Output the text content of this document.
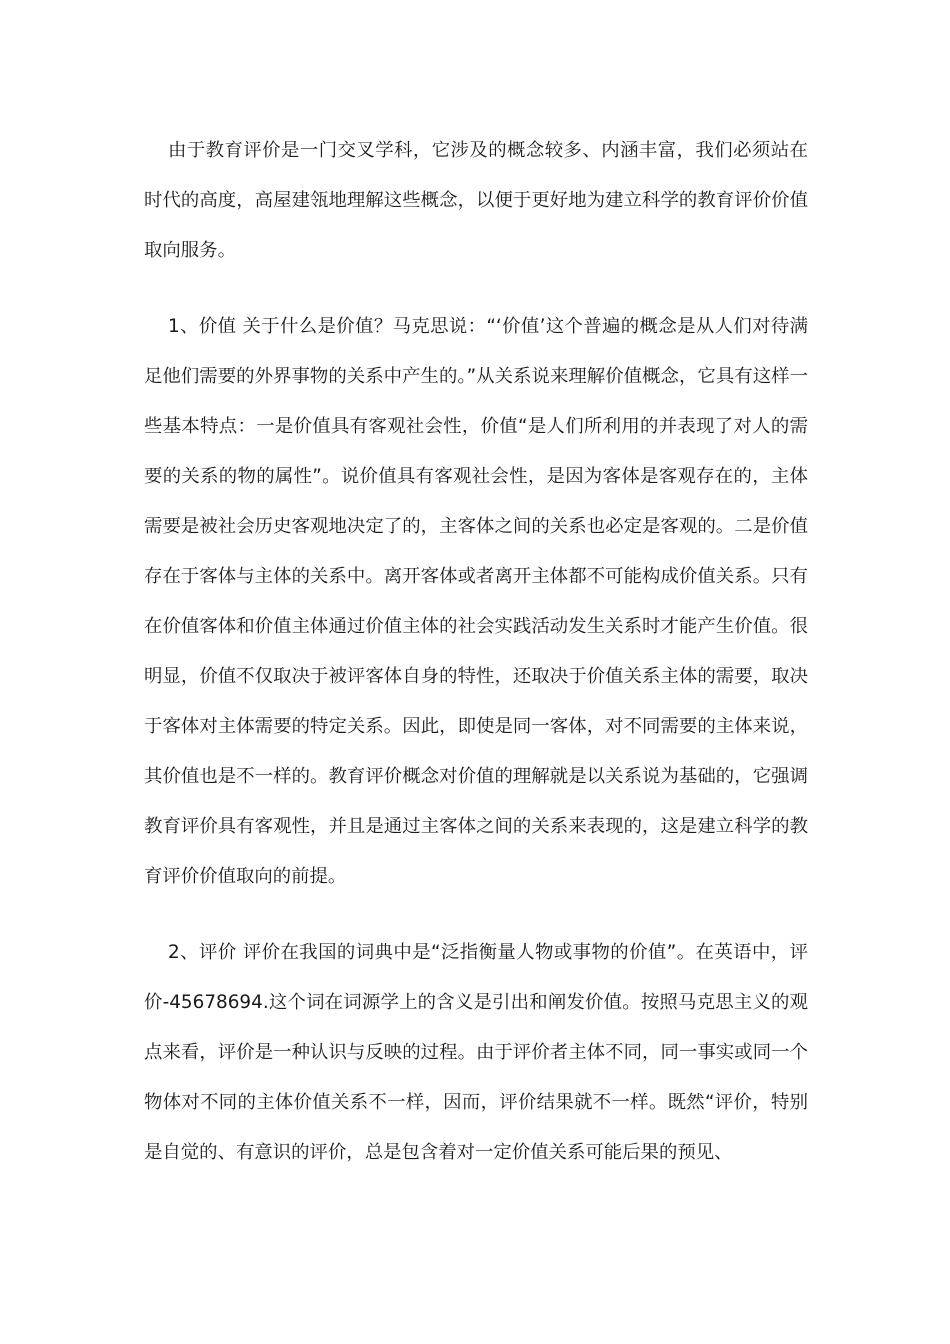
由于教育评价是一门交叉学科，它涉及的概念较多、内涵丰富，我们必须站在时代的高度，高屋建瓴地理解这些概念，以便于更好地为建立科学的教育评价价值取向服务。

1、价值 关于什么是价值？马克思说：“‘价值’这个普遍的概念是从人们对待满足他们需要的外界事物的关系中产生的。”从关系说来理解价值概念，它具有这样一些基本特点：一是价值具有客观社会性，价值“是人们所利用的并表现了对人的需要的关系的物的属性”。说价值具有客观社会性，是因为客体是客观存在的，主体需要是被社会历史客观地决定了的，主客体之间的关系也必定是客观的。二是价值存在于客体与主体的关系中。离开客体或者离开主体都不可能构成价值关系。只有在价值客体和价值主体通过价值主体的社会实践活动发生关系时才能产生价值。很明显，价值不仅取决于被评客体自身的特性，还取决于价值关系主体的需要，取决于客体对主体需要的特定关系。因此，即使是同一客体，对不同需要的主体来说，其价值也是不一样的。教育评价概念对价值的理解就是以关系说为基础的，它强调教育评价具有客观性，并且是通过主客体之间的关系来表现的，这是建立科学的教育评价价值取向的前提。

2、评价 评价在我国的词典中是“泛指衡量人物或事物的价值”。在英语中，评价-45678694.这个词在词源学上的含义是引出和阐发价值。按照马克思主义的观点来看，评价是一种认识与反映的过程。由于评价者主体不同，同一事实或同一个物体对不同的主体价值关系不一样，因而，评价结果就不一样。既然“评价，特别是自觉的、有意识的评价，总是包含着对一定价值关系可能后果的预见、
